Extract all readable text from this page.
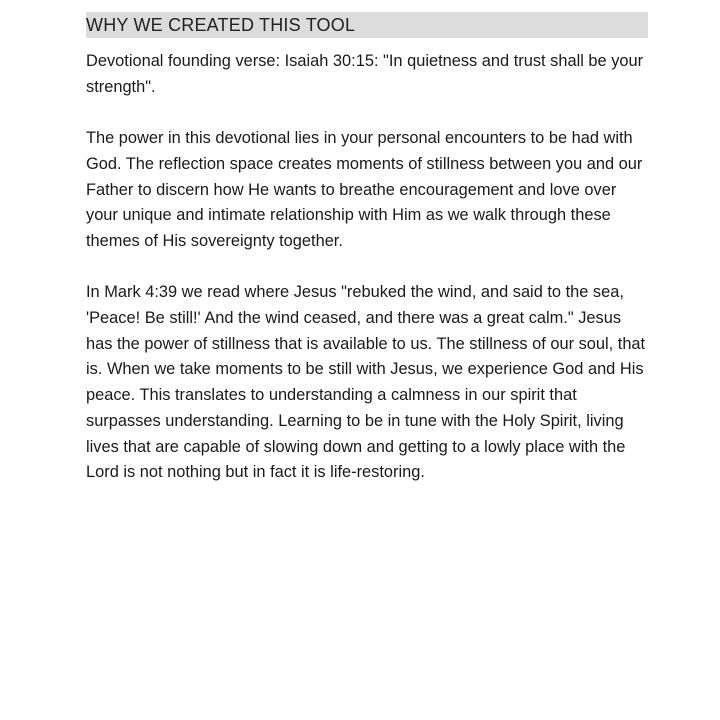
WHY WE CREATED THIS TOOL

Devotional founding verse: Isaiah 30:15: "In quietness and trust shall be your strength".

The power in this devotional lies in your personal encounters to be had with God. The reflection space creates moments of stillness between you and our Father to discern how He wants to breathe encouragement and love over your unique and intimate relationship with Him as we walk through these themes of His sovereignty together.

In Mark 4:39 we read where Jesus "rebuked the wind, and said to the sea, 'Peace! Be still!' And the wind ceased, and there was a great calm." Jesus has the power of stillness that is available to us. The stillness of our soul, that is. When we take moments to be still with Jesus, we experience God and His peace. This translates to understanding a calmness in our spirit that surpasses understanding. Learning to be in tune with the Holy Spirit, living lives that are capable of slowing down and getting to a lowly place with the Lord is not nothing but in fact it is life-restoring.
